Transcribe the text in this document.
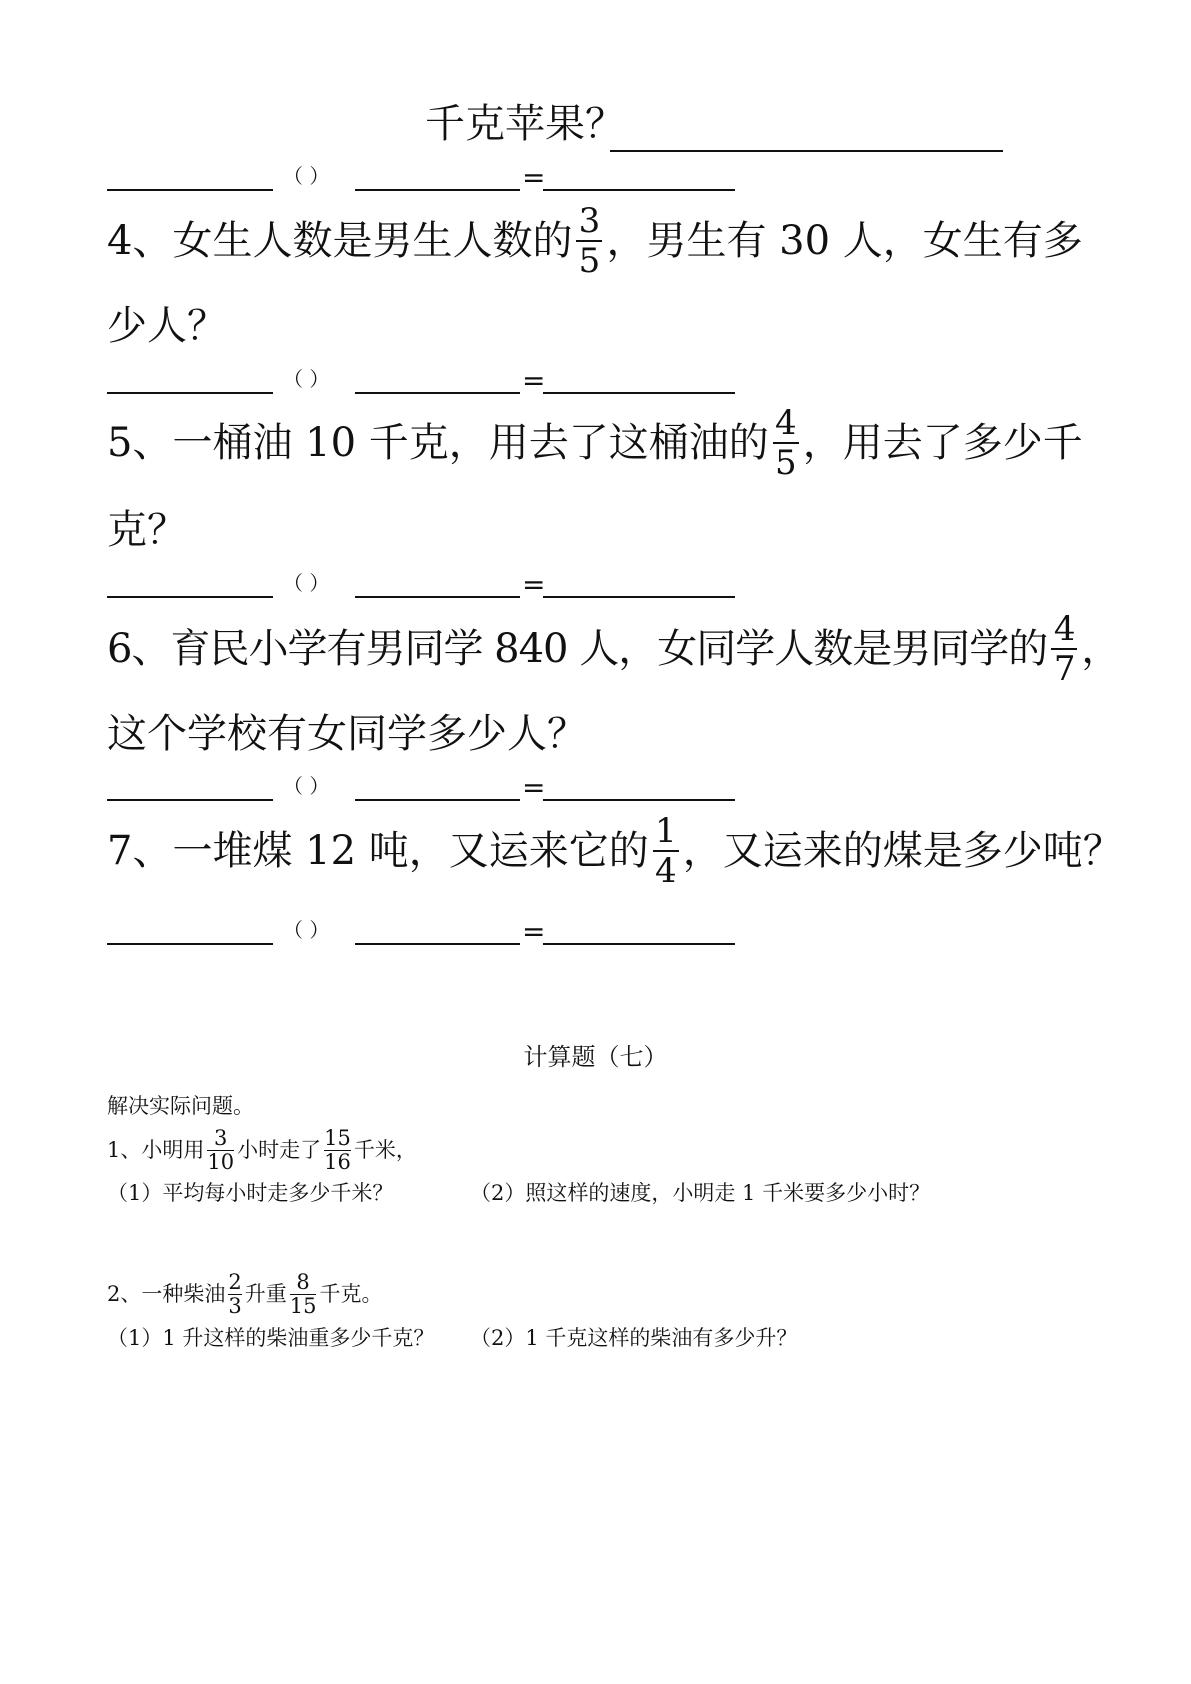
千克苹果？
（ ）	=
4、女生人数是男生人数的 $\frac{3}{5}$ ，男生有 30 人，女生有多
少人？
（ ）	=
5、一桶油 10 千克，用去了这桶油的 $\frac{4}{5}$ ，用去了多少千
克？
（ ）	=
6、育民小学有男同学 840 人，女同学人数是男同学的 $\frac{4}{7}$ ，
这个学校有女同学多少人？
（ ）	=
7、一堆煤 12 吨，又运来它的 $\frac{1}{4}$ ，又运来的煤是多少吨？
（ ）	=
计算题（七）
解决实际问题。
1、小明用 $\frac{3}{10}$ 小时走了 $\frac{15}{16}$ 千米，
（1）平均每小时走多少千米？	（2）照这样的速度，小明走 1 千米要多少小时？
2、一种柴油 $\frac{2}{3}$ 升重 $\frac{8}{15}$ 千克。
（1）1 升这样的柴油重多少千克？ （2）1 千克这样的柴油有多少升？
